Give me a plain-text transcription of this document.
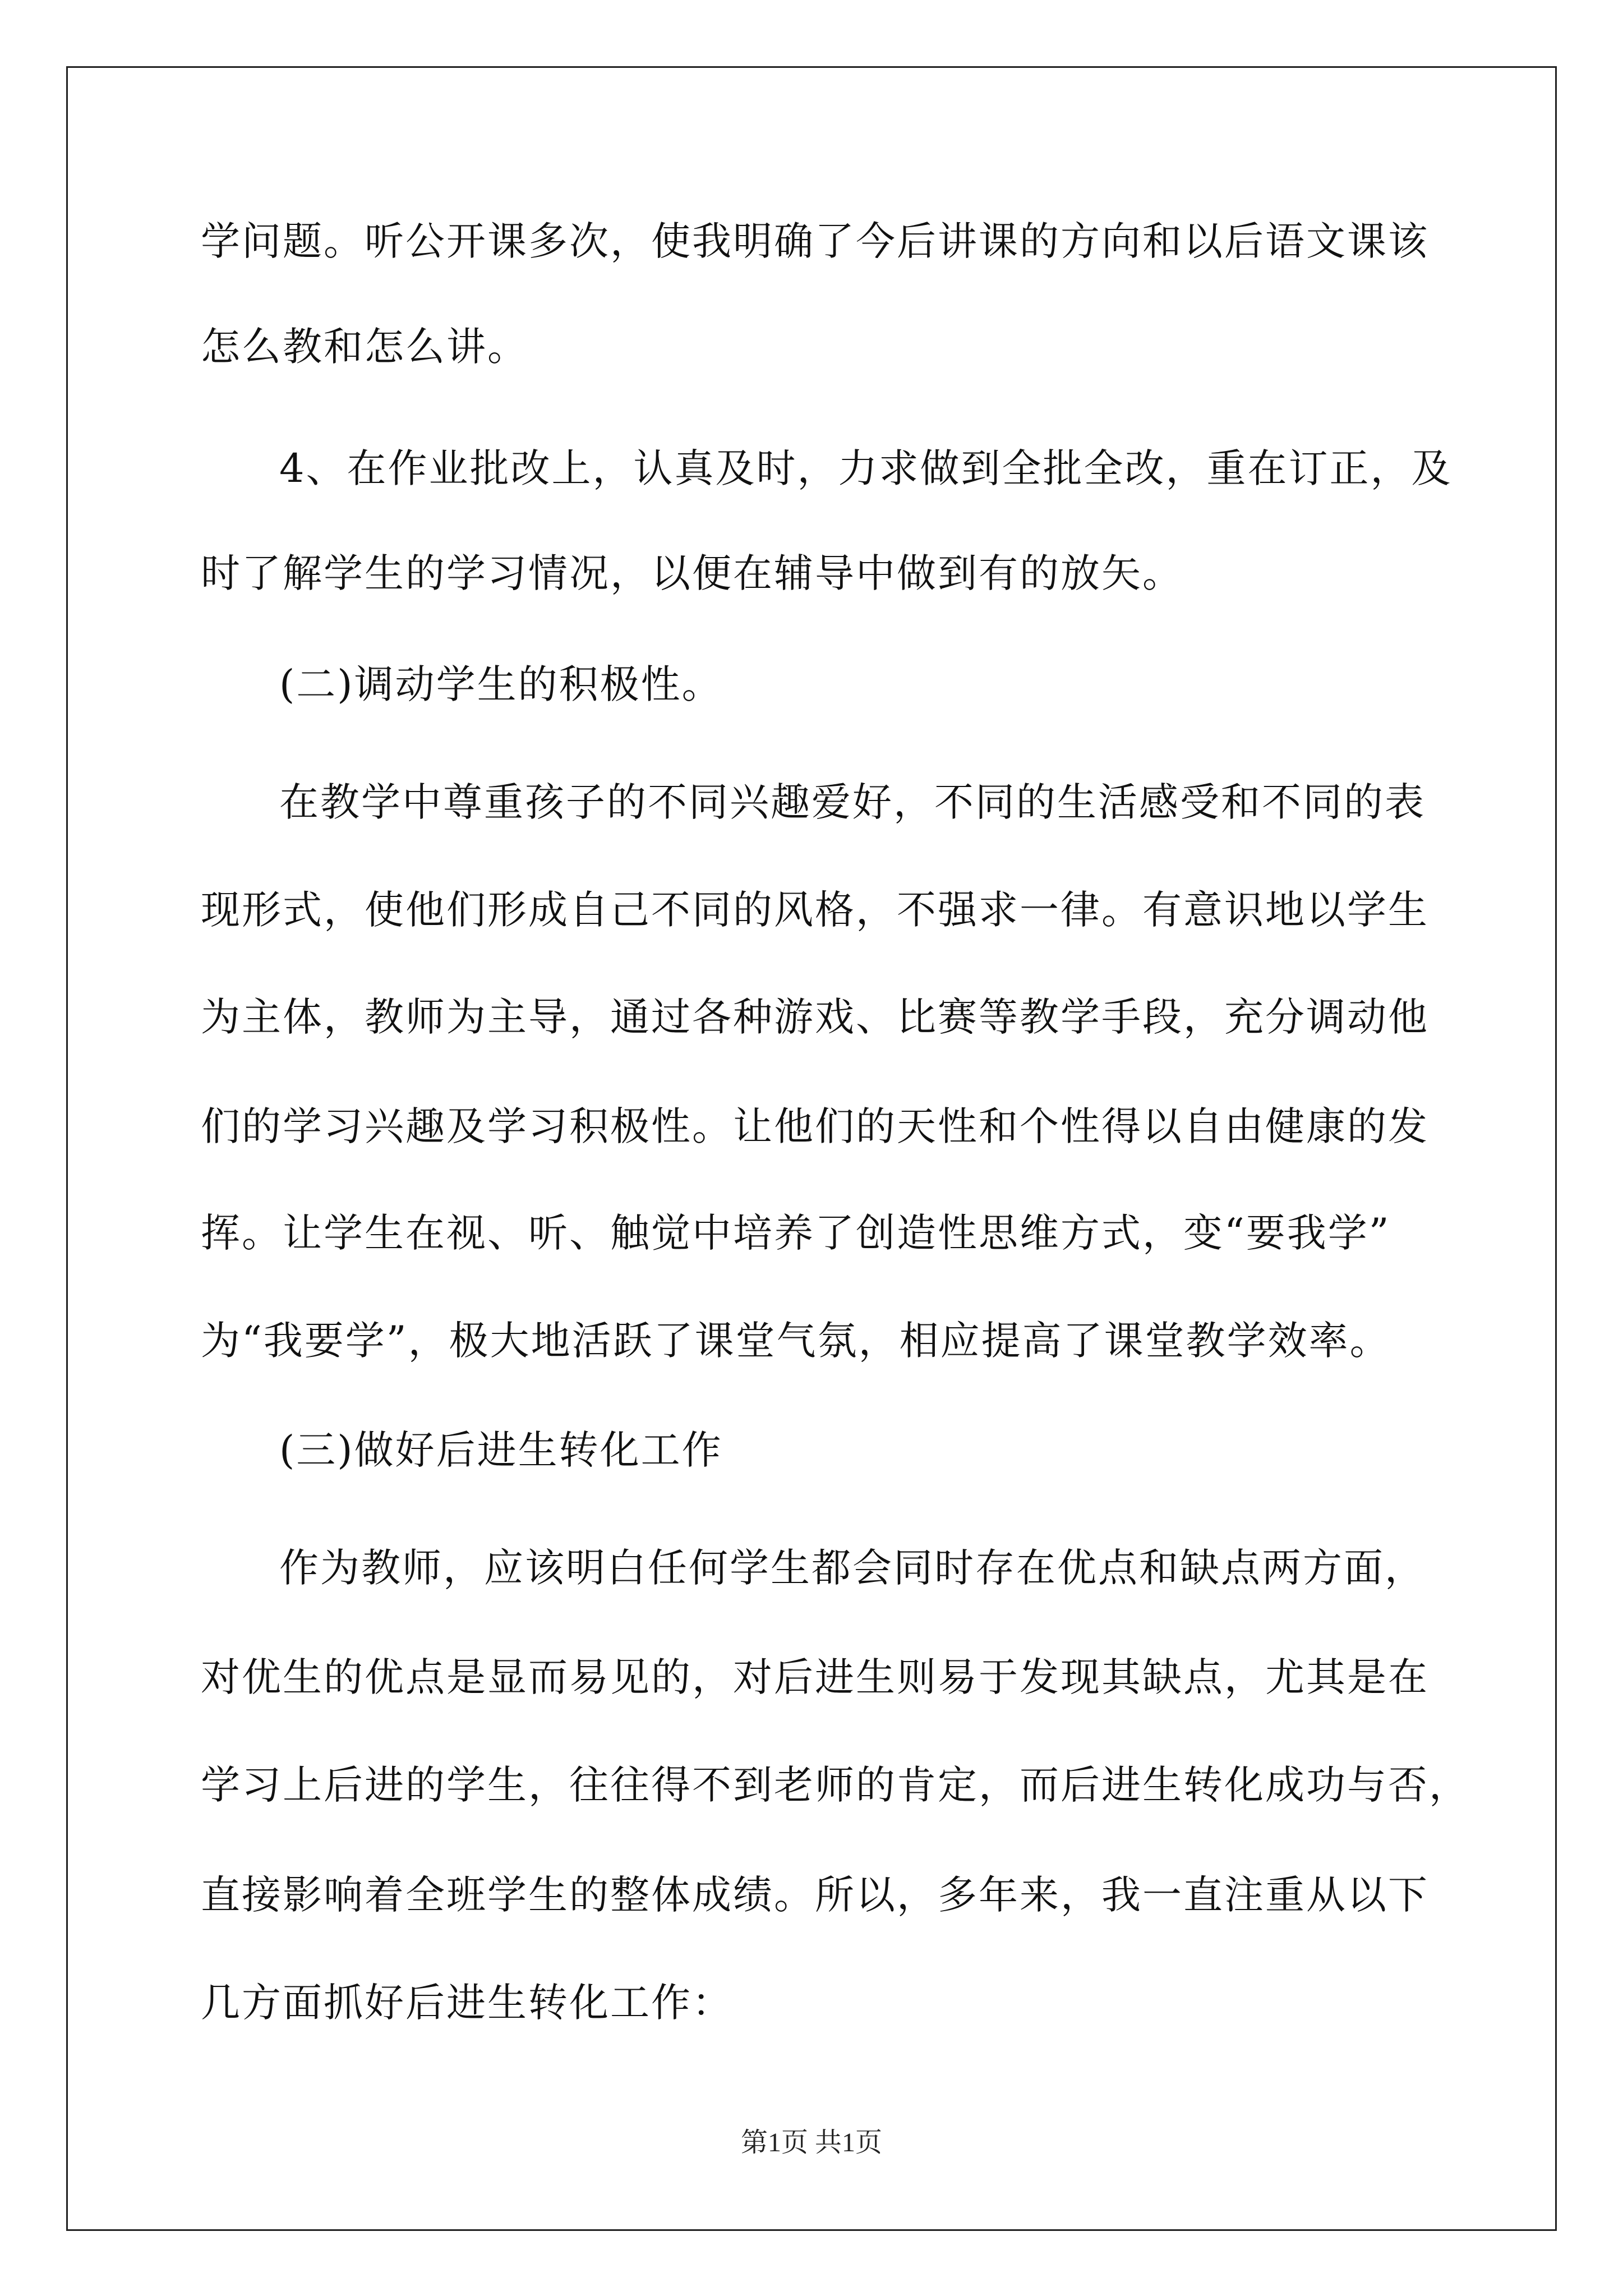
学问题。听公开课多次，使我明确了今后讲课的方向和以后语文课该
怎么教和怎么讲。
4、在作业批改上，认真及时，力求做到全批全改，重在订正，及
时了解学生的学习情况，以便在辅导中做到有的放矢。
(二)调动学生的积极性。
在教学中尊重孩子的不同兴趣爱好，不同的生活感受和不同的表
现形式，使他们形成自己不同的风格，不强求一律。有意识地以学生
为主体，教师为主导，通过各种游戏、比赛等教学手段，充分调动他
们的学习兴趣及学习积极性。让他们的天性和个性得以自由健康的发
挥。让学生在视、听、触觉中培养了创造性思维方式，变“要我学”
为“我要学”，极大地活跃了课堂气氛，相应提高了课堂教学效率。
(三)做好后进生转化工作
作为教师，应该明白任何学生都会同时存在优点和缺点两方面，
对优生的优点是显而易见的，对后进生则易于发现其缺点，尤其是在
学习上后进的学生，往往得不到老师的肯定，而后进生转化成功与否，
直接影响着全班学生的整体成绩。所以，多年来，我一直注重从以下
几方面抓好后进生转化工作：
第1页 共1页
